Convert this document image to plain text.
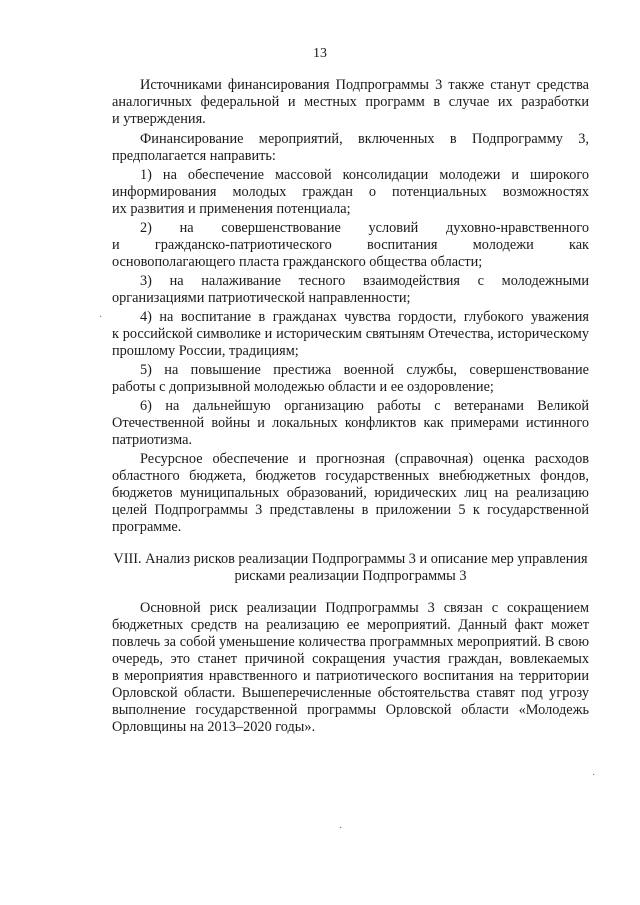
13
Источниками финансирования Подпрограммы 3 также станут средства
аналогичных федеральной и местных программ в случае их разработки
и утверждения.
Финансирование мероприятий, включенных в Подпрограмму 3,
предполагается направить:
1) на обеспечение массовой консолидации молодежи и широкого
информирования молодых граждан о потенциальных возможностях
их развития и применения потенциала;
2) на совершенствование условий духовно-нравственного
и гражданско-патриотического воспитания молодежи как
основополагающего пласта гражданского общества области;
3) на налаживание тесного взаимодействия с молодежными
организациями патриотической направленности;
4) на воспитание в гражданах чувства гордости, глубокого уважения
к российской символике и историческим святыням Отечества, историческому
прошлому России, традициям;
5) на повышение престижа военной службы, совершенствование
работы с допризывной молодежью области и ее оздоровление;
6) на дальнейшую организацию работы с ветеранами Великой
Отечественной войны и локальных конфликтов как примерами истинного
патриотизма.
Ресурсное обеспечение и прогнозная (справочная) оценка расходов
областного бюджета, бюджетов государственных внебюджетных фондов,
бюджетов муниципальных образований, юридических лиц на реализацию
целей Подпрограммы 3 представлены в приложении 5 к государственной
программе.
VIII. Анализ рисков реализации Подпрограммы 3 и описание мер управления
рисками реализации Подпрограммы 3
Основной риск реализации Подпрограммы 3 связан с сокращением
бюджетных средств на реализацию ее мероприятий. Данный факт может
повлечь за собой уменьшение количества программных мероприятий. В свою
очередь, это станет причиной сокращения участия граждан, вовлекаемых
в мероприятия нравственного и патриотического воспитания на территории
Орловской области. Вышеперечисленные обстоятельства ставят под угрозу
выполнение государственной программы Орловской области «Молодежь
Орловщины на 2013–2020 годы».
·
·
·
